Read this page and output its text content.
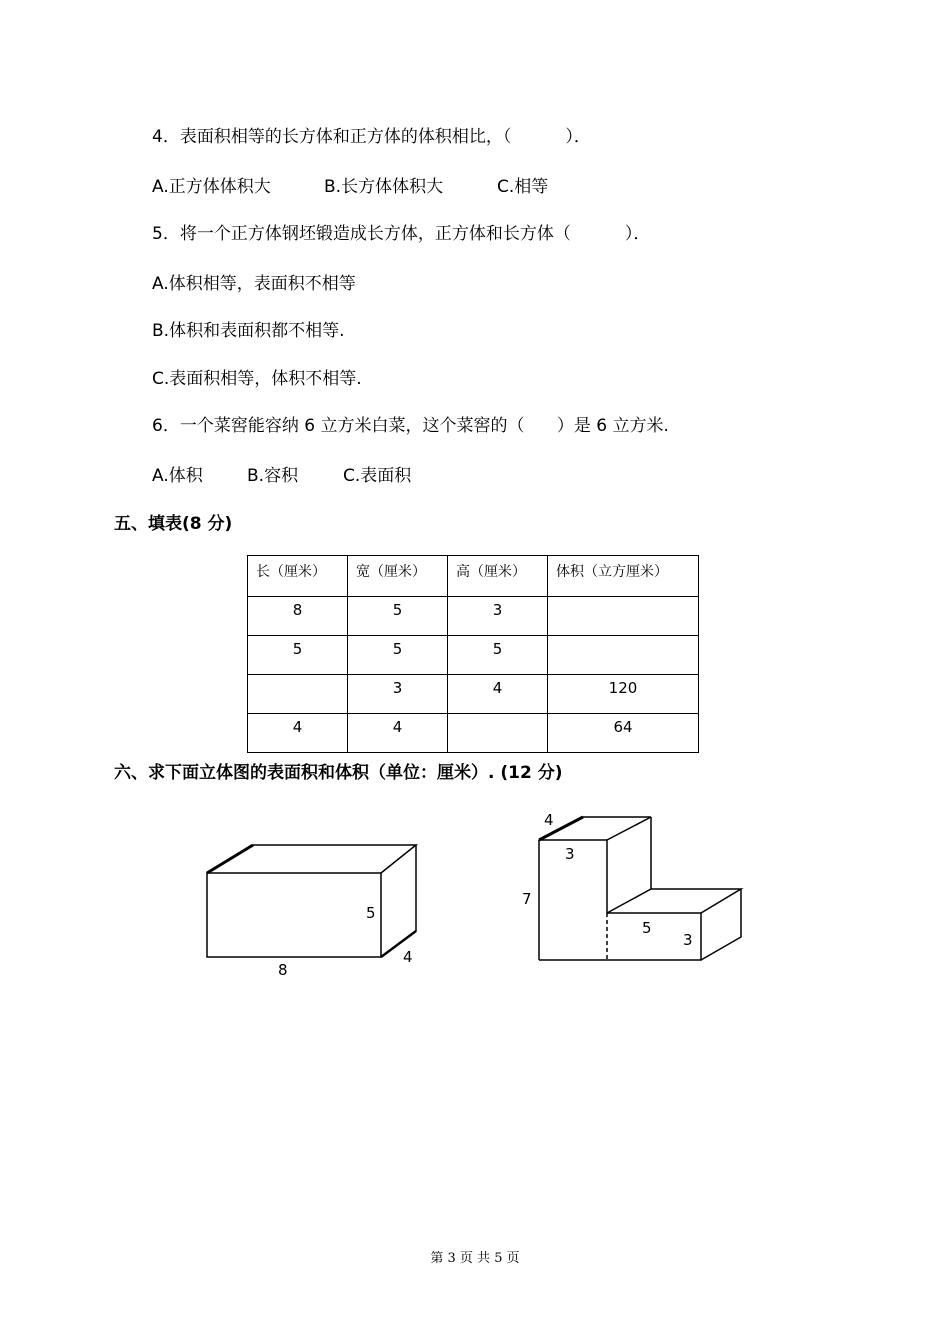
4．表面积相等的长方体和正方体的体积相比，（          ）．
A.正方体体积大	B.长方体体积大	C.相等
5．将一个正方体钢坯锻造成长方体，正方体和长方体（          ）．
A.体积相等，表面积不相等
B.体积和表面积都不相等.
C.表面积相等，体积不相等.
6．一个菜窖能容纳 6 立方米白菜，这个菜窖的（      ）是 6 立方米.
A.体积	B.容积	C.表面积
五、填表(8 分)
长（厘米）	宽（厘米）	高（厘米）	体积（立方厘米）
8	5	3	
5	5	5	
	3	4	120
4	4		64
六、求下面立体图的表面积和体积（单位：厘米）. (12 分)
8
5
4
4
3
7
5
3
第 3 页 共 5 页
